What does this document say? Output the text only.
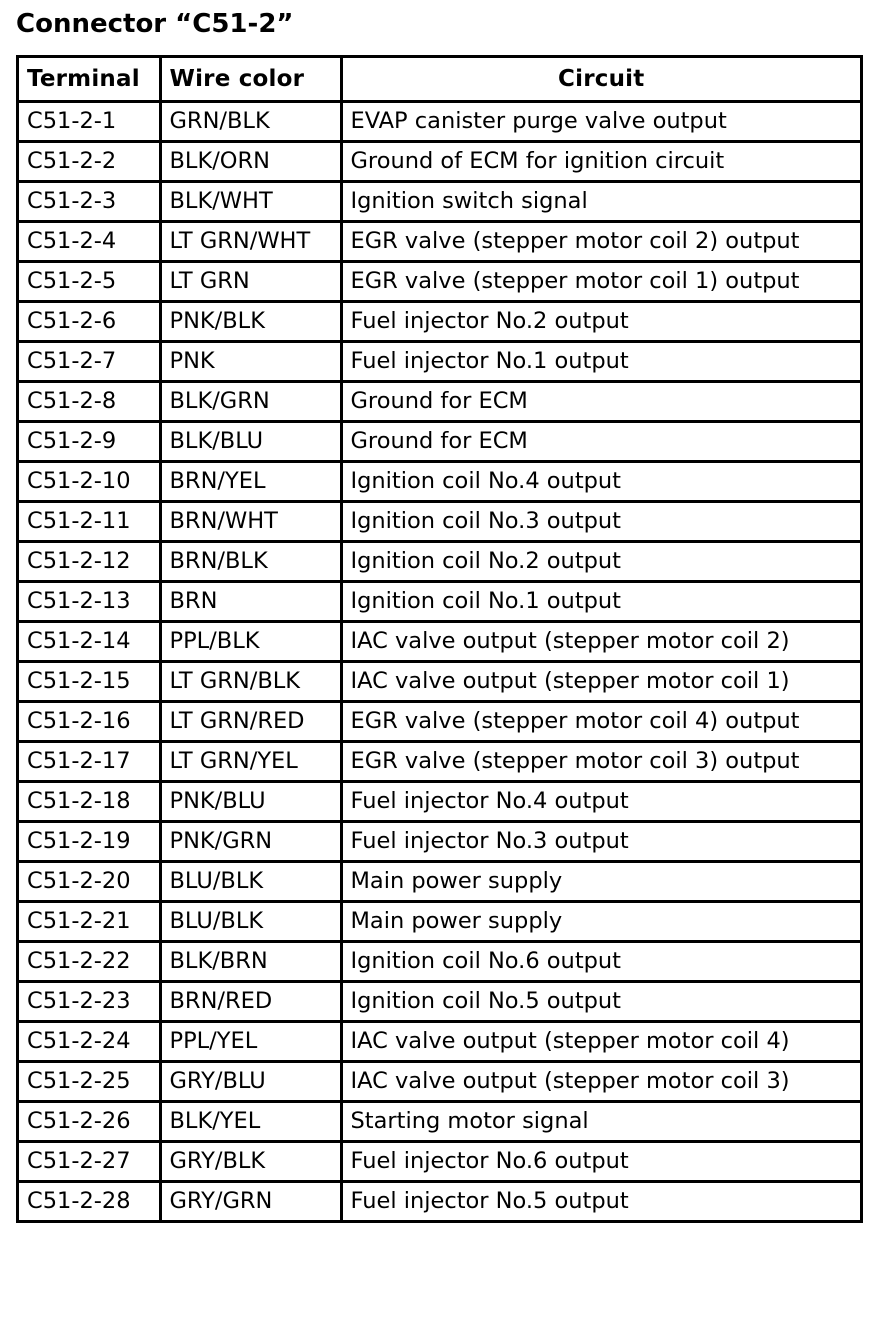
Connector “C51-2”
Terminal	Wire color	Circuit
C51-2-1	GRN/BLK	EVAP canister purge valve output
C51-2-2	BLK/ORN	Ground of ECM for ignition circuit
C51-2-3	BLK/WHT	Ignition switch signal
C51-2-4	LT GRN/WHT	EGR valve (stepper motor coil 2) output
C51-2-5	LT GRN	EGR valve (stepper motor coil 1) output
C51-2-6	PNK/BLK	Fuel injector No.2 output
C51-2-7	PNK	Fuel injector No.1 output
C51-2-8	BLK/GRN	Ground for ECM
C51-2-9	BLK/BLU	Ground for ECM
C51-2-10	BRN/YEL	Ignition coil No.4 output
C51-2-11	BRN/WHT	Ignition coil No.3 output
C51-2-12	BRN/BLK	Ignition coil No.2 output
C51-2-13	BRN	Ignition coil No.1 output
C51-2-14	PPL/BLK	IAC valve output (stepper motor coil 2)
C51-2-15	LT GRN/BLK	IAC valve output (stepper motor coil 1)
C51-2-16	LT GRN/RED	EGR valve (stepper motor coil 4) output
C51-2-17	LT GRN/YEL	EGR valve (stepper motor coil 3) output
C51-2-18	PNK/BLU	Fuel injector No.4 output
C51-2-19	PNK/GRN	Fuel injector No.3 output
C51-2-20	BLU/BLK	Main power supply
C51-2-21	BLU/BLK	Main power supply
C51-2-22	BLK/BRN	Ignition coil No.6 output
C51-2-23	BRN/RED	Ignition coil No.5 output
C51-2-24	PPL/YEL	IAC valve output (stepper motor coil 4)
C51-2-25	GRY/BLU	IAC valve output (stepper motor coil 3)
C51-2-26	BLK/YEL	Starting motor signal
C51-2-27	GRY/BLK	Fuel injector No.6 output
C51-2-28	GRY/GRN	Fuel injector No.5 output
